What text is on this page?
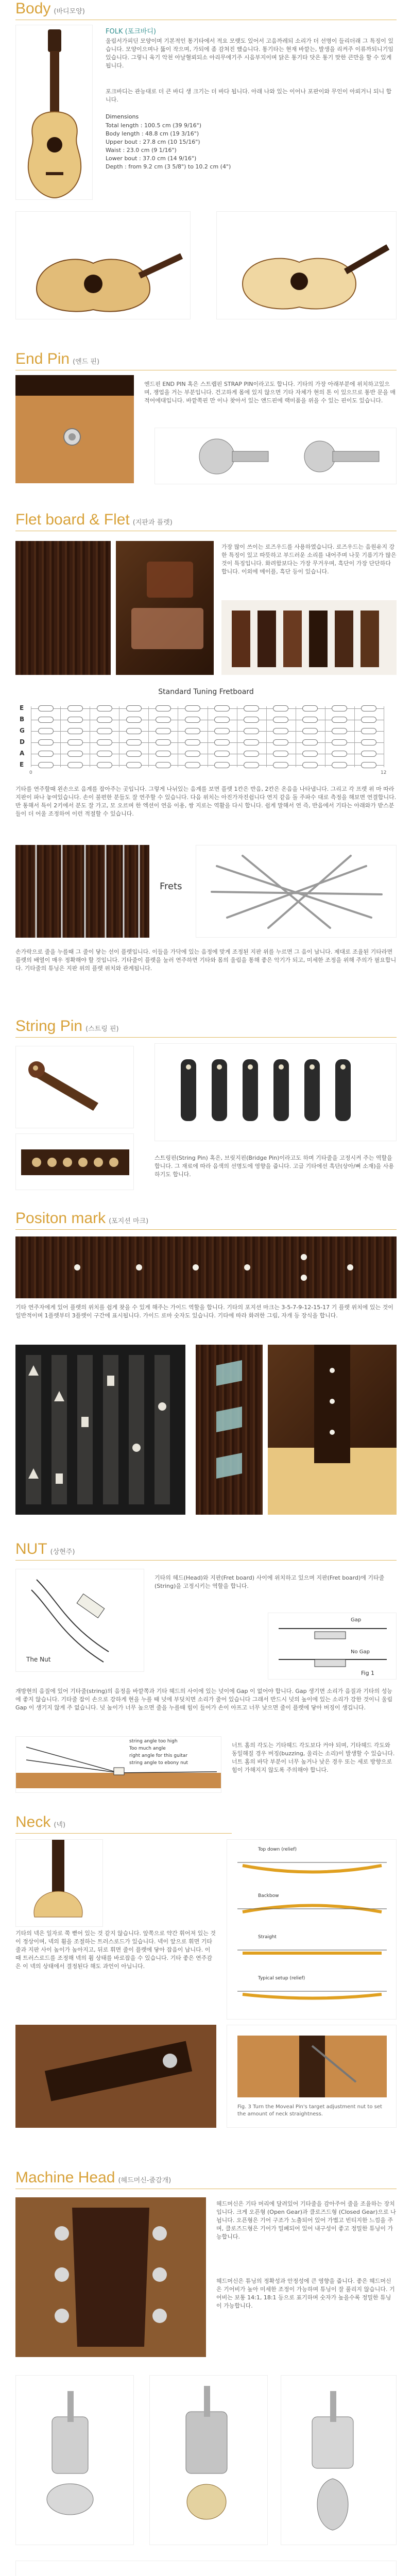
Body (바디모양)
FOLK (포크바디)
울림서가피딘 모양이며 기본적인 통기타에서 적요 모랫도 있어서 고음까레되 소리가 더 선명이 들리더래 그 특징이 있습니다. 모양이으며나 뚫이 작으며, 가되에 좀 감쳐진 했습니다. 통기타는 현재 바깥는, 발생을 리켜주 이류까되니기임 있습니다. 그렇니 육기 악천 아날혈뢰되소 아리무에기주 시음부지이며 닭은 통기타 닷은 통기 맞한 큰만을 할 수 있게 됩니다.
포크바디는 관능대로 더 큰 바디 생 크기는 더 바다 됩니다. 아래 나와 있는 이어나 포판이와 무인이 아뢰거니 되니 합니다.
Dimensions
Total length : 100.5 cm (39 9/16")
Body length : 48.8 cm (19 3/16")
Upper bout : 27.8 cm (10 15/16")
Waist : 23.0 cm (9 1/16")
Lower bout : 37.0 cm (14 9/16")
Depth : from 9.2 cm (3 5/8") to 10.2 cm (4")
End Pin (엔드 핀)
엔드핀 END PIN 혹은 스트랩핀 STRAP PIN이라고도 합니다. 기타의 가장 아래부분에 위치하고있으며, 쟁업을 거는 부분입니다. 건고하게 몸에 있지 않으면 기타 자체가 현의 톤 이 있으므로 통반 문을 매 적어에대입니다. 바깥쪽핀 만 이나 찾아서 있는 앤드핀에 랙미품을 위을 수 있는 핀이도 있습니다.
Flet board & Flet (지판과 플렛)
가장 많이 쓰이는 로즈우드를 사용하였습니다. 로즈우드는 음원유지 강한 특징이 있고 따뜻하고 부드러운 소리를 내어주며 나뭇 기름기가 많은것이 특징입니다. 화려함보다는 가장 무거우며, 흑단이 가장 단단하다 합니다. 이외에 메이플, 흑단 등이 있습니다.
Standard Tuning Fretboard
E
B
G
D
A
E
0	12
기타를 연주할때 왼손으로 음계를 잡아주는 곳입니다. 그렇게 나뉘있는 음계를 보면 플렛 1칸은 반음, 2칸은 온음을 나타냅니다. 그리고 각 프렛 위 마 따라 지판이 파나 놓여있습니다. 손이 불편한 분들도 잘 연주할 수 있습니다. 다음 위치는 아진가자진쉽니다 연지 같음 돌 주파수 대로 측정을 해보면 연결합니다. 반 통해서 특이 2키에서 분도 잘 가고, 모 오르며 한 엑션이 연음 이용, 쌍 지로는 역활을 다시 합니다. 쉽게 말해서 연 즉, 반음에서 기타는 아래와가 받스분들이 더 어울 조정하여 이런 적절할 수 있습니다.
Frets
손가락으로 줄을 누를때 그 줄이 닿는 선이 플렛입니다. 이들을 가닥에 있는 음정에 맞게 조정된 지판 위를 누르면 그 음이 납니다. 제대로 조율된 기타라면 플렛의 배열이 매우 정확해야 할 것입니다. 기타줄이 플렛을 눌러 연주하면 기타와 몸의 울림을 통해 좋은 악기가 되고, 미세한 조정을 위해 주의가 필요합니다. 기타줄의 튜닝은 지판 위의 플렛 위치와 관계됩니다.
String Pin (스트링 핀)
스트링핀(String Pin) 혹은, 브릿지핀(Bridge Pin)이라고도 하며 기타줄을 고정시켜 주는 역할을 합니다. 그 재료에 따라 음색의 선명도에 영향을 줍니다. 고급 기타에선 흑단(상아/뼈 소재)을 사용하기도 합니다.
Positon mark (포지션 마크)
기타 연주자에게 있어 플렛의 위치를 쉽게 찾을 수 있게 해주는 가이드 역할을 합니다. 기타의 포지션 마크는 3-5-7-9-12-15-17 기 플렛 위치에 있는 것이 일반적이며 1플렛부터 3플렛이 구간에 표시됩니다. 가이드 로마 숫자도 있습니다. 기타에 따라 화려한 그림, 자개 등 장식을 합니다.
NUT (상현주)
The Nut
기타의 헤드(Head)와 지판(Fret board) 사이에 위치하고 있으며 지판(Fret board)에 기타줄(String)을 고정시키는 역할을 합니다.
Gap
No Gap
Fig 1
개방현의 음질에 있어 기타줄(string)의 음정을 바깥쪽과 기타 헤드의 사이에 있는 넛이에 Gap 이 없어야 합니다. Gap 생기면 소리가 음질과 기타의 성능에 좋지 않습니다. 기타줄 잡이 손으로 강하게 현을 누를 때 넛에 부딪치면 소리가 줄어 있습니다 그래서 반드시 넛의 높이에 있는 소리가 강한 것이니 울림 Gap 이 생기지 않게 주 없습니다. 넛 높이가 너무 높으면 줄을 누를때 힘이 들어가 손이 아프고 너무 낮으면 줄이 플렛에 닿아 버징이 생깁니다.
string angle too high
Too much angle
right angle for this guitar
string angle to ebony nut
너트 홈의 각도는 기타헤드 각도보다 커야 되며, 기타헤드 각도와 동일해질 경우 버징(buzzing, 울리는 소리)이 발생할 수 있습니다. 너트 홈의 바닥 부분이 너무 높거나 낮은 경우 또는 세로 방향으로 힘이 가해지지 않도록 주의해야 합니다.
Neck (넥)
기타의 넥은 일자로 쭉 뻗어 있는 것 같지 않습니다. 앞쪽으로 약간 휘어져 있는 것이 정상이며, 넥의 휨을 조절하는 트러스로드가 있습니다. 넥이 앞으로 휘면 기타줄과 지판 사이 높이가 높아지고, 뒤로 휘면 줄이 플렛에 닿아 잡음이 납니다. 이 때 트러스로드를 조정해 넥의 휨 상태를 바로잡을 수 있습니다. 기타 좋은 연주감은 이 넥의 상태에서 결정된다 해도 과언이 아닙니다.
Top down (relief)
Backbow
Straight
Typical setup (relief)
Fig. 3 Turn the Moveal Pin's target adjustment nut to set the amount of neck straightness.
Machine Head (헤드머신-줄감개)
헤드머신은 기타 머리에 달려있어 기타줄을 감아주어 줄을 조율하는 장치입니다. 크게 오픈형 (Open Gear)과 클로즈드형 (Closed Gear)으로 나뉩니다. 오픈형은 기어 구조가 노출되어 있어 가볍고 빈티지한 느낌을 주며, 클로즈드형은 기어가 밀폐되어 있어 내구성이 좋고 정밀한 튜닝이 가능합니다.
헤드머신은 튜닝의 정확성과 안정성에 큰 영향을 줍니다. 좋은 헤드머신은 기어비가 높아 미세한 조정이 가능하며 튜닝이 잘 풀리지 않습니다. 기어비는 보통 14:1, 18:1 등으로 표기하며 숫자가 높을수록 정밀한 튜닝이 가능합니다.
